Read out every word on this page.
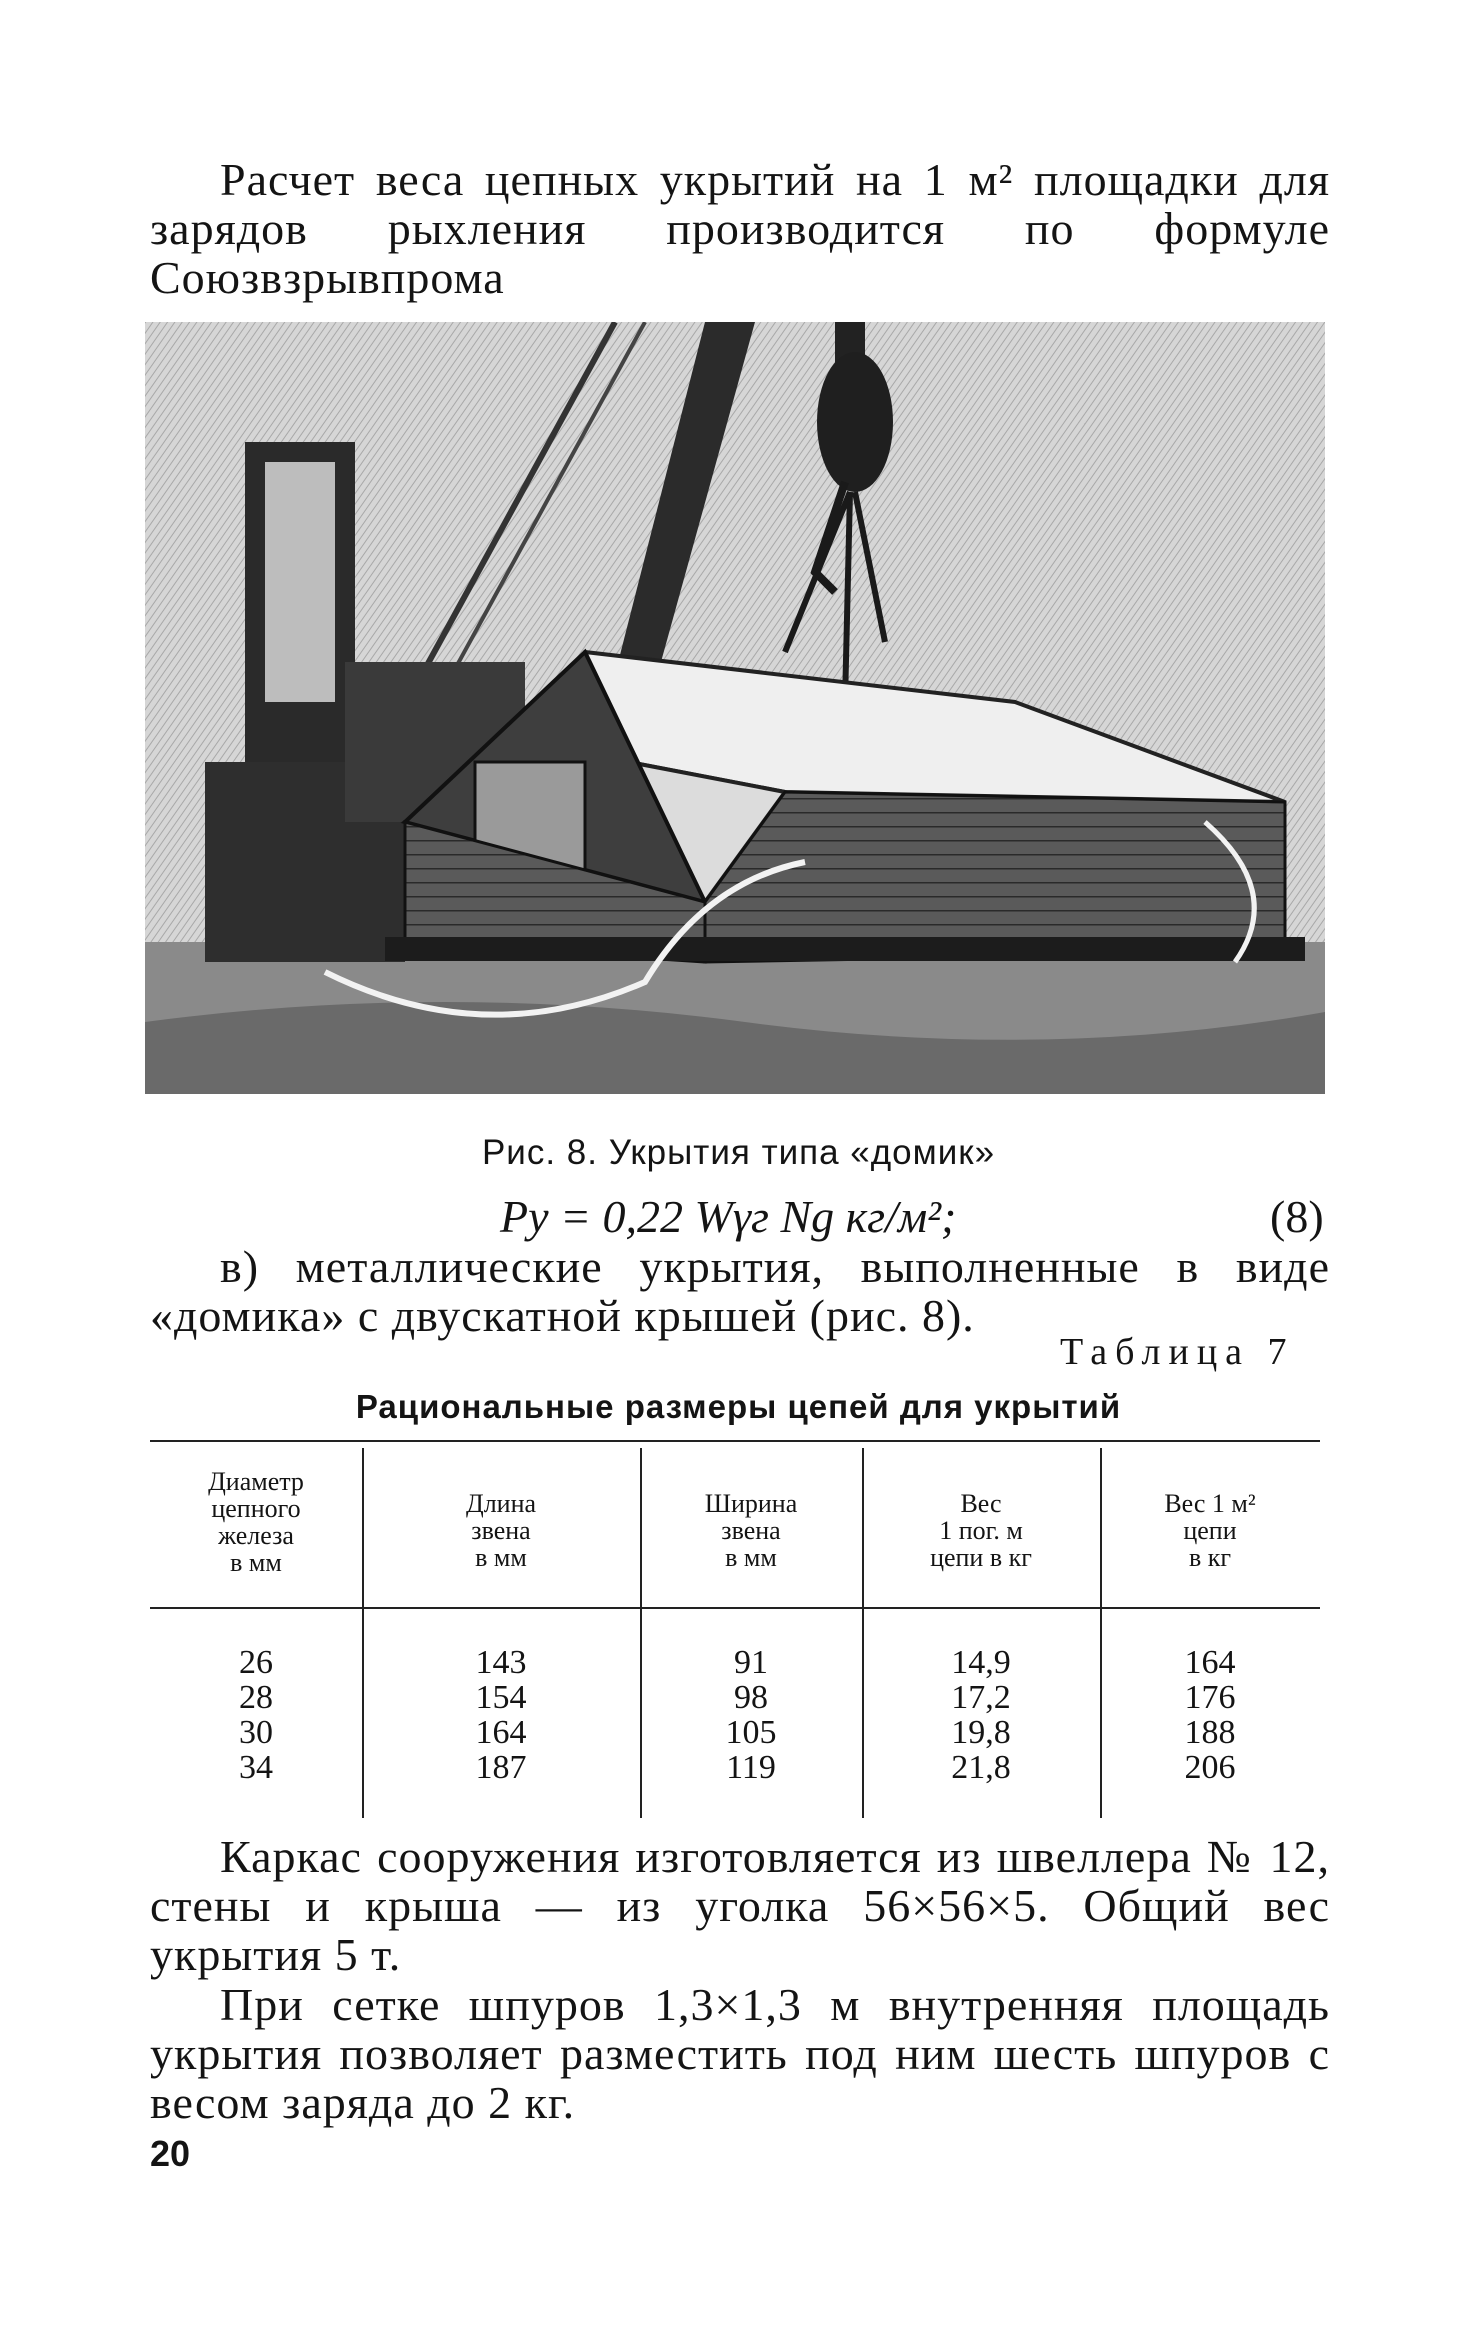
Расчет веса цепных укрытий на 1 м² площадки для зарядов рыхления производится по формуле Союзвзрывпрома

Рис. 8. Укрытия типа «домик»
Pу = 0,22 Wγг Ng кг/м²;	(8)

в) металлические укрытия, выполненные в виде «домика» с двускатной крышей (рис. 8).

Таблица 7
Рациональные размеры цепей для укрытий
Диаметр
цепного
железа
в мм
Длина
звена
в мм
Ширина
звена
в мм
Вес
1 пог. м
цепи в кг
Вес 1 м²
цепи
в кг
26
28
30
34
143
154
164
187
91
98
105
119
14,9
17,2
19,8
21,8
164
176
188
206

Каркас сооружения изготовляется из швеллера № 12, стены и крыша — из уголка 56×56×5. Общий вес укрытия 5 т.

При сетке шпуров 1,3×1,3 м внутренняя площадь укрытия позволяет разместить под ним шесть шпуров с весом заряда до 2 кг.

20
